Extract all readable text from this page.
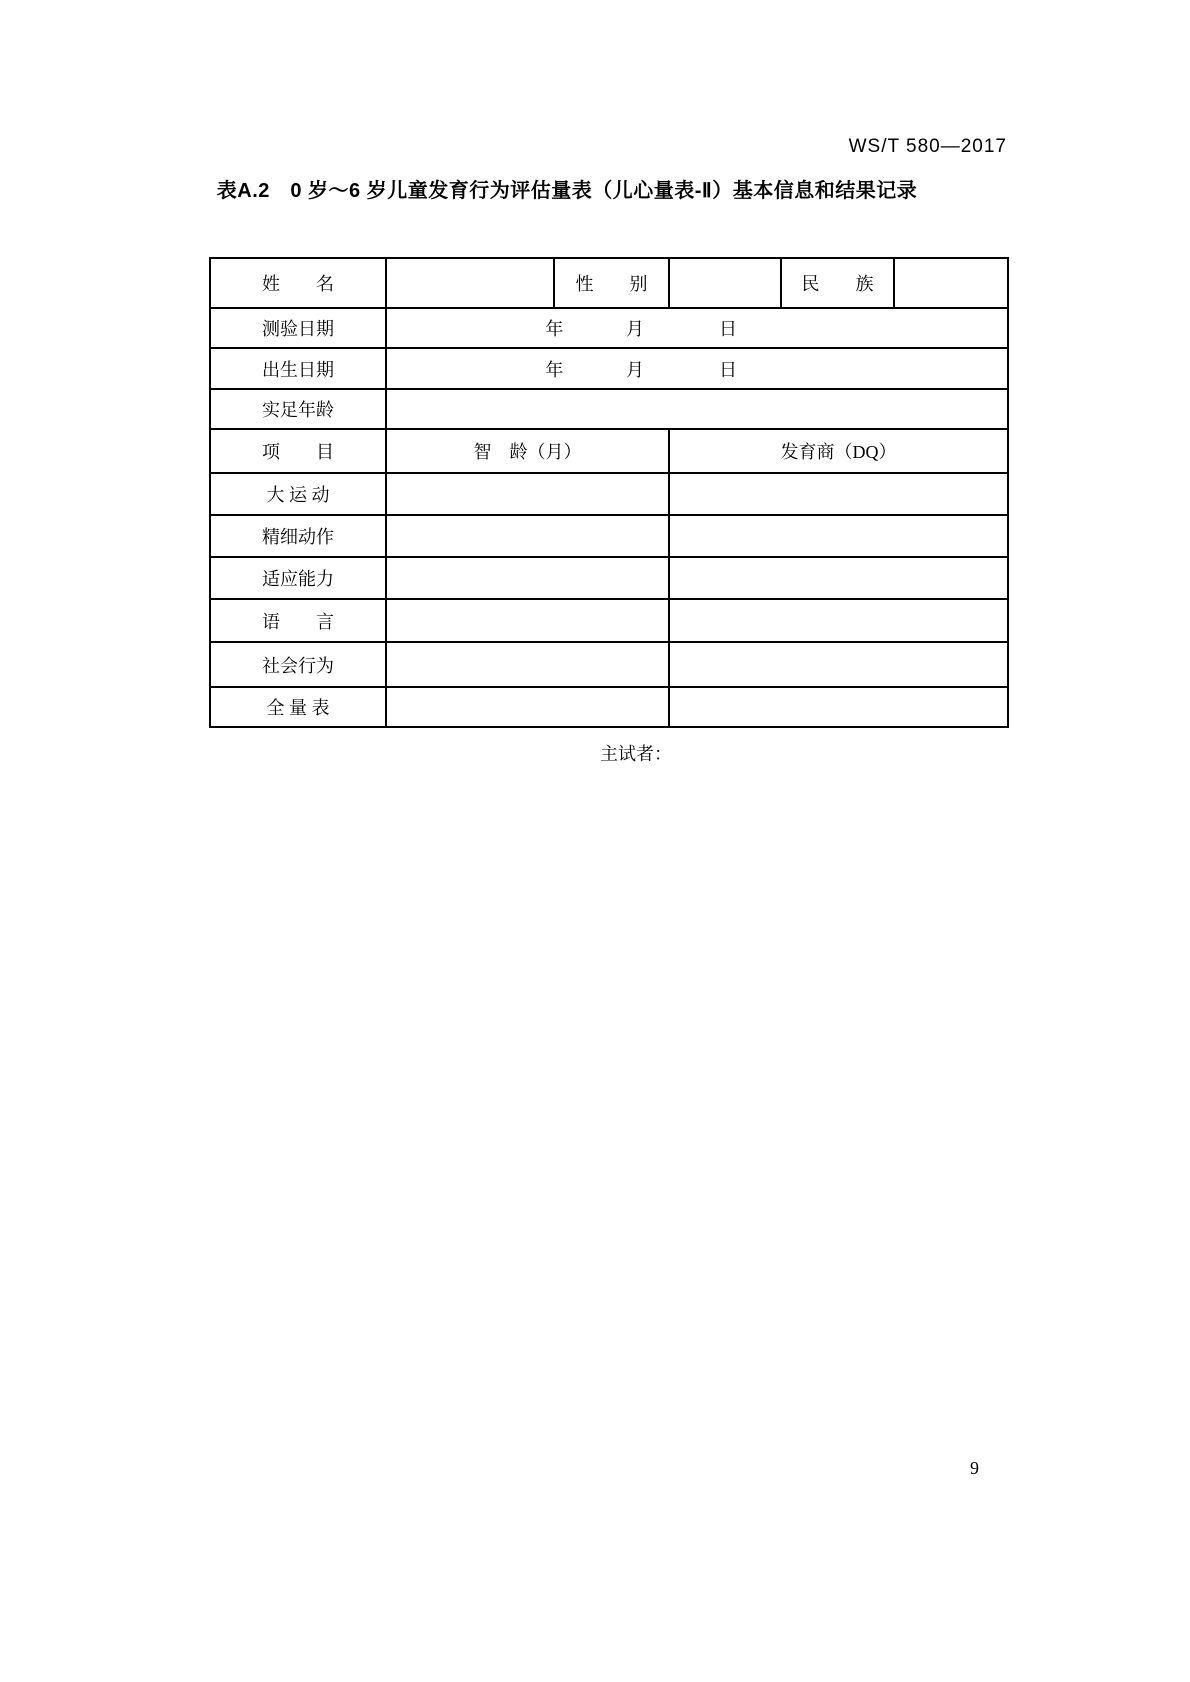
WS/T 580—2017
表A.2　0 岁～6 岁儿童发育行为评估量表（儿心量表-Ⅱ）基本信息和结果记录
姓　　名		性　　别		民　　族	
测验日期	年 月 日				

出生日期	年 月 日				

实足年龄					
项　　目	智　龄（月）		发育商（DQ）		
大 运 动					
精细动作					
适应能力					
语　　言					
社会行为					
全 量 表					
主试者：
9
